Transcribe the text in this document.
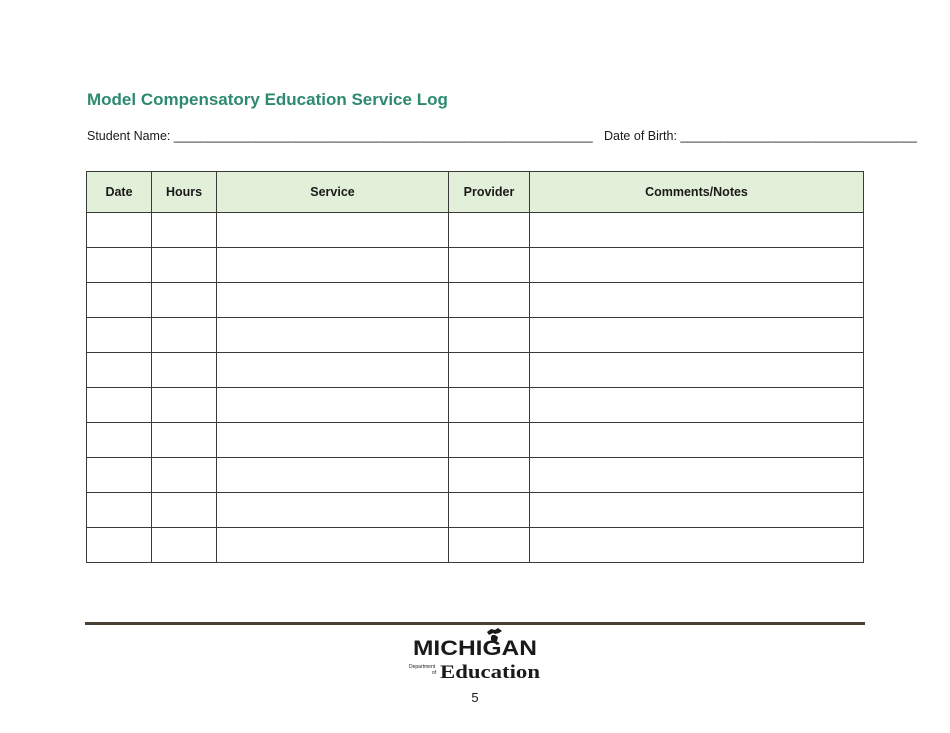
Model Compensatory Education Service Log
Student Name: ______________________________________________________________ Date of Birth: ___________________________________
Date	Hours	Service	Provider	Comments/Notes

MICHIGAN
Department
of Education
5
